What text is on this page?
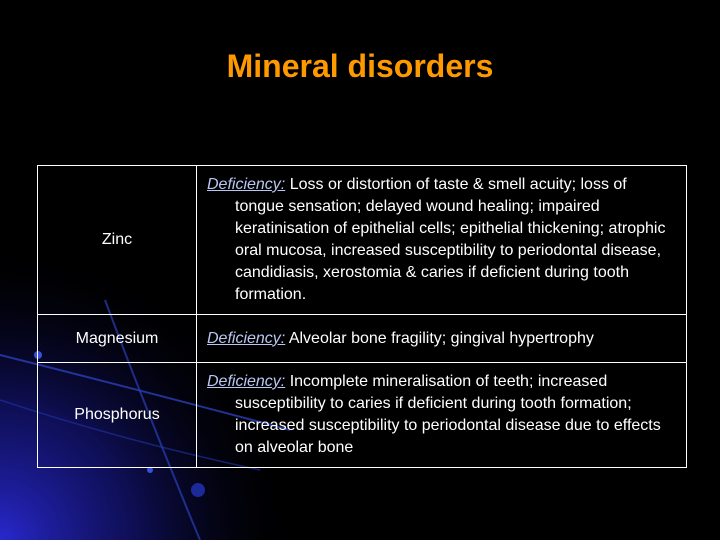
Mineral disorders
Zinc	Deficiency: Loss or distortion of taste & smell acuity; loss of tongue sensation; delayed wound healing; impaired keratinisation of epithelial cells; epithelial thickening; atrophic oral mucosa, increased susceptibility to periodontal disease, candidiasis, xerostomia & caries if deficient during tooth formation.

Magnesium	Deficiency: Alveolar bone fragility; gingival hypertrophy

Phosphorus	Deficiency: Incomplete mineralisation of teeth; increased susceptibility to caries if deficient during tooth formation; increased susceptibility to periodontal disease due to effects on alveolar bone
